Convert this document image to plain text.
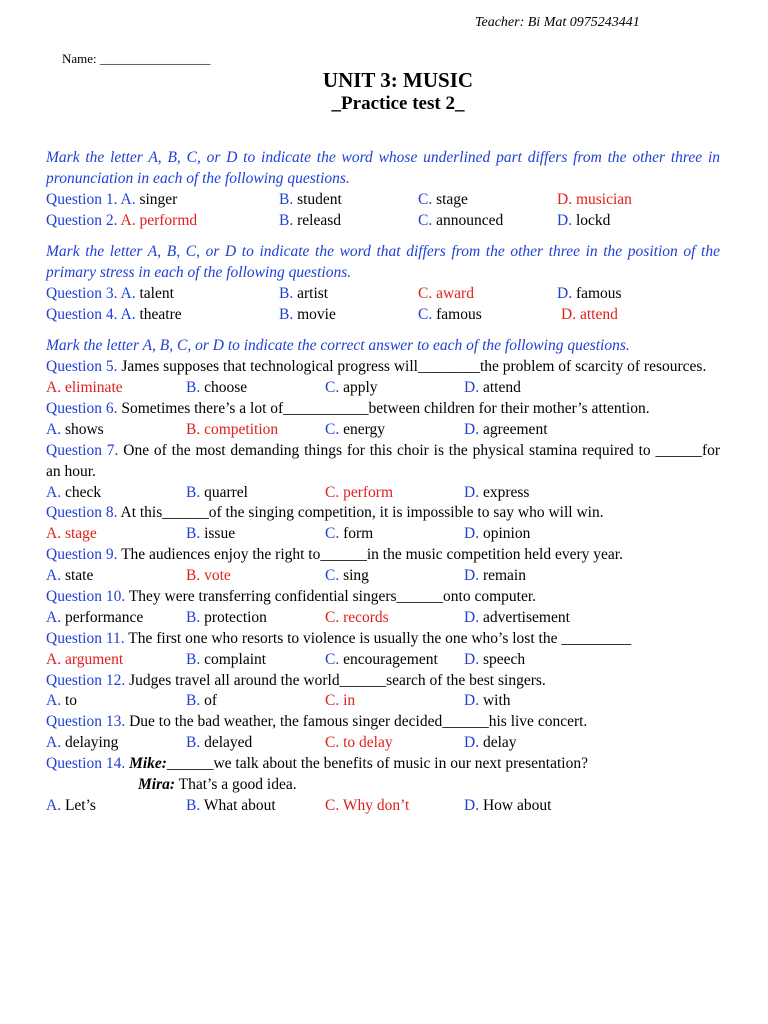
Teacher: Bi Mat 0975243441
Name: _________________
UNIT 3: MUSIC
_Practice test 2_
Mark the letter A, B, C, or D to indicate the word whose underlined part differs from the other three in pronunciation in each of the following questions.
Question 1. A. singer	B. student	C. stage	D. musician
Question 2. A. performd	B. releasd	C. announced	D. lockd
Mark the letter A, B, C, or D to indicate the word that differs from the other three in the position of the primary stress in each of the following questions.
Question 3. A. talent	B. artist	C. award	D. famous
Question 4. A. theatre	B. movie	C. famous	D. attend
Mark the letter A, B, C, or D to indicate the correct answer to each of the following questions.
Question 5. James supposes that technological progress will________the problem of scarcity of resources.
A. eliminate	B. choose	C. apply	D. attend
Question 6. Sometimes there’s a lot of___________between children for their mother’s attention.
A. shows	B. competition	C. energy	D. agreement
Question 7. One of the most demanding things for this choir is the physical stamina required to ______for an hour.
A. check	B. quarrel	C. perform	D. express
Question 8. At this______of the singing competition, it is impossible to say who will win.
A. stage	B. issue	C. form	D. opinion
Question 9. The audiences enjoy the right to______in the music competition held every year.
A. state	B. vote	C. sing	D. remain
Question 10. They were transferring confidential singers______onto computer.
A. performance	B. protection	C. records	D. advertisement
Question 11. The first one who resorts to violence is usually the one who’s lost the _________
A. argument	B. complaint	C. encouragement D. speech
Question 12. Judges travel all around the world______search of the best singers.
A. to	B. of	C. in	D. with
Question 13. Due to the bad weather, the famous singer decided______his live concert.
A. delaying	B. delayed	C. to delay	D. delay
Question 14. Mike:______we talk about the benefits of music in our next presentation?
Mira: That’s a good idea.
A. Let’s	B. What about	C. Why don’t	D. How about
